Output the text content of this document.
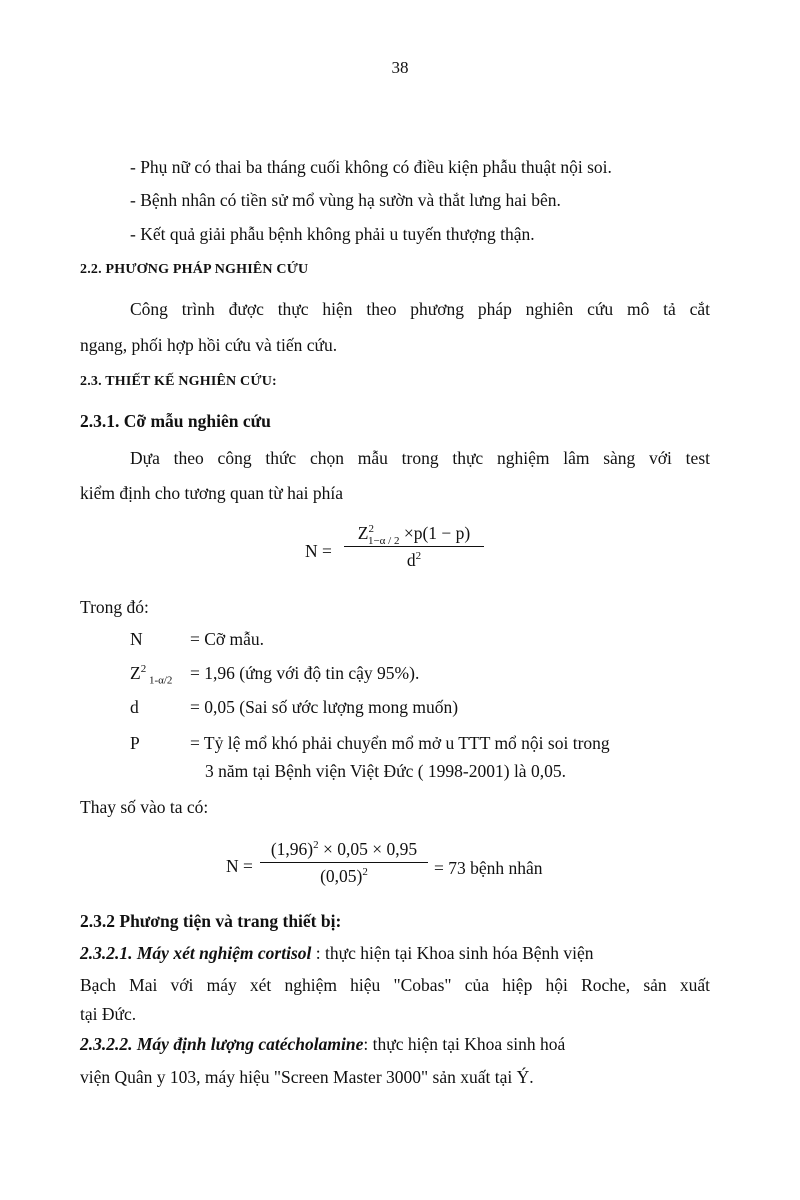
38
- Phụ nữ có thai ba tháng cuối không có điều kiện phẫu thuật nội soi.
- Bệnh nhân có tiền sử mổ vùng hạ sườn và thắt lưng hai bên.
- Kết quả giải phẫu bệnh không phải u tuyến thượng thận.
2.2. PHƯƠNG PHÁP NGHIÊN CỨU
Công trình được thực hiện theo phương pháp nghiên cứu mô tả cắt
ngang, phối hợp hồi cứu và tiến cứu.
2.3. THIẾT KẾ NGHIÊN CỨU:
2.3.1. Cỡ mẫu nghiên cứu
Dựa theo công thức chọn mẫu trong thực nghiệm lâm sàng với test
kiểm định cho tương quan từ hai phía
$N = \frac{Z^2_{1-\alpha / 2} \times p(1 - p)}{d^2}$
Trong đó:
N	= Cỡ mẫu.
$Z^2$ $_{1-\alpha/2}$ = 1,96 (ứng với độ tin cậy 95%).
d	= 0,05 (Sai số ước lượng mong muốn)
P	= Tỷ lệ mổ khó phải chuyển mổ mở u TTT mổ nội soi trong
3 năm tại Bệnh viện Việt Đức ( 1998-2001) là 0,05.
Thay số vào ta có:
$N = \frac{(1,96)^2 \times 0,05 \times 0,95}{(0,05)^2} = 73$ bệnh nhân
2.3.2 Phương tiện và trang thiết bị:
2.3.2.1. Máy xét nghiệm cortisol : thực hiện tại Khoa sinh hóa Bệnh viện
Bạch Mai với máy xét nghiệm hiệu "Cobas" của hiệp hội Roche, sản xuất
tại Đức.
2.3.2.2. Máy định lượng catécholamine: thực hiện tại Khoa sinh hoá
viện Quân y 103, máy hiệu "Screen Master 3000" sản xuất tại Ý.
